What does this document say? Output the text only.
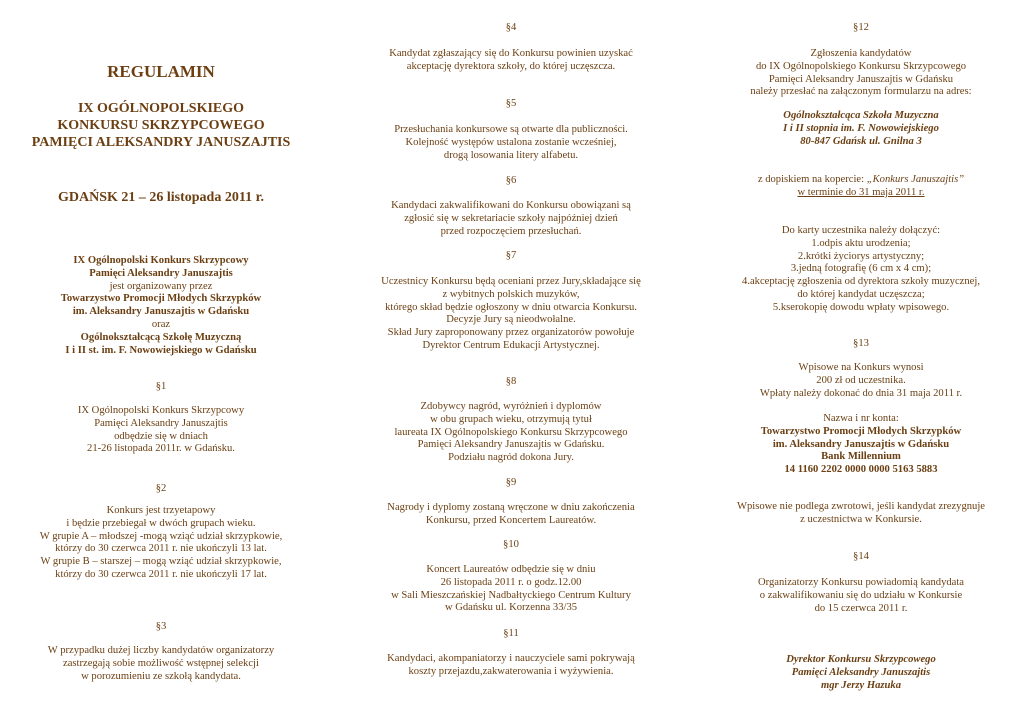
REGULAMIN
IX OGÓLNOPOLSKIEGO
KONKURSU SKRZYPCOWEGO
PAMIĘCI ALEKSANDRY JANUSZAJTIS
GDAŃSK 21 – 26 listopada 2011 r.
IX Ogólnopolski Konkurs Skrzypcowy
Pamięci Aleksandry Januszajtis
jest organizowany przez
Towarzystwo Promocji Młodych Skrzypków
im. Aleksandry Januszajtis w Gdańsku
oraz
Ogólnokształcącą Szkołę Muzyczną
I i II st. im. F. Nowowiejskiego w Gdańsku
§1
IX Ogólnopolski Konkurs Skrzypcowy
Pamięci Aleksandry Januszajtis
odbędzie się w dniach
21-26 listopada 2011r. w Gdańsku.
§2
Konkurs jest trzyetapowy
i będzie przebiegał w dwóch grupach wieku.
W grupie A – młodszej -mogą wziąć udział skrzypkowie,
którzy do 30 czerwca 2011 r. nie ukończyli 13 lat.
W grupie B – starszej – mogą wziąć udział skrzypkowie,
którzy do 30 czerwca 2011 r. nie ukończyli 17 lat.
§3
W przypadku dużej liczby kandydatów organizatorzy
zastrzegają sobie możliwość wstępnej selekcji
w porozumieniu ze szkołą kandydata.
§4
Kandydat zgłaszający się do Konkursu powinien uzyskać
akceptację dyrektora szkoły, do której uczęszcza.
§5
Przesłuchania konkursowe są otwarte dla publiczności.
Kolejność występów ustalona zostanie wcześniej,
drogą losowania litery alfabetu.
§6
Kandydaci zakwalifikowani do Konkursu obowiązani są
zgłosić się w sekretariacie szkoły najpóźniej dzień
przed rozpoczęciem przesłuchań.
§7
Uczestnicy Konkursu będą oceniani przez Jury,składające się
z wybitnych polskich muzyków,
którego skład będzie ogłoszony w dniu otwarcia Konkursu.
Decyzje Jury są nieodwołalne.
Skład Jury zaproponowany przez organizatorów powołuje
Dyrektor Centrum Edukacji Artystycznej.
§8
Zdobywcy nagród, wyróżnień i dyplomów
w obu grupach wieku, otrzymują tytuł
laureata IX Ogólnopolskiego Konkursu Skrzypcowego
Pamięci Aleksandry Januszajtis w Gdańsku.
Podziału nagród dokona Jury.
§9
Nagrody i dyplomy zostaną wręczone w dniu zakończenia
Konkursu, przed Koncertem Laureatów.
§10
Koncert Laureatów odbędzie się w dniu
26 listopada 2011 r. o godz.12.00
w Sali Mieszczańskiej Nadbałtyckiego Centrum Kultury
w Gdańsku ul. Korzenna 33/35
§11
Kandydaci, akompaniatorzy i nauczyciele sami pokrywają
koszty przejazdu,zakwaterowania i wyżywienia.
§12
Zgłoszenia kandydatów
do IX Ogólnopolskiego Konkursu Skrzypcowego
Pamięci Aleksandry Januszajtis w Gdańsku
należy przesłać na załączonym formularzu na adres:
Ogólnokształcąca Szkoła Muzyczna
I i II stopnia im. F. Nowowiejskiego
80-847 Gdańsk ul. Gnilna 3
z dopiskiem na kopercie: „Konkurs Januszajtis”
w terminie do 31 maja 2011 r.
Do karty uczestnika należy dołączyć:
1.odpis aktu urodzenia;
2.krótki życiorys artystyczny;
3.jedną fotografię (6 cm x 4 cm);
4.akceptację zgłoszenia od dyrektora szkoły muzycznej,
do której kandydat uczęszcza;
5.kserokopię dowodu wpłaty wpisowego.
§13
Wpisowe na Konkurs wynosi
200 zł od uczestnika.
Wpłaty należy dokonać do dnia 31 maja 2011 r.
Nazwa i nr konta:
Towarzystwo Promocji Młodych Skrzypków
im. Aleksandry Januszajtis w Gdańsku
Bank Millennium
14 1160 2202 0000 0000 5163 5883
Wpisowe nie podlega zwrotowi, jeśli kandydat zrezygnuje
z uczestnictwa w Konkursie.
§14
Organizatorzy Konkursu powiadomią kandydata
o zakwalifikowaniu się do udziału w Konkursie
do 15 czerwca 2011 r.
Dyrektor Konkursu Skrzypcowego
Pamięci Aleksandry Januszajtis
mgr Jerzy Hazuka
